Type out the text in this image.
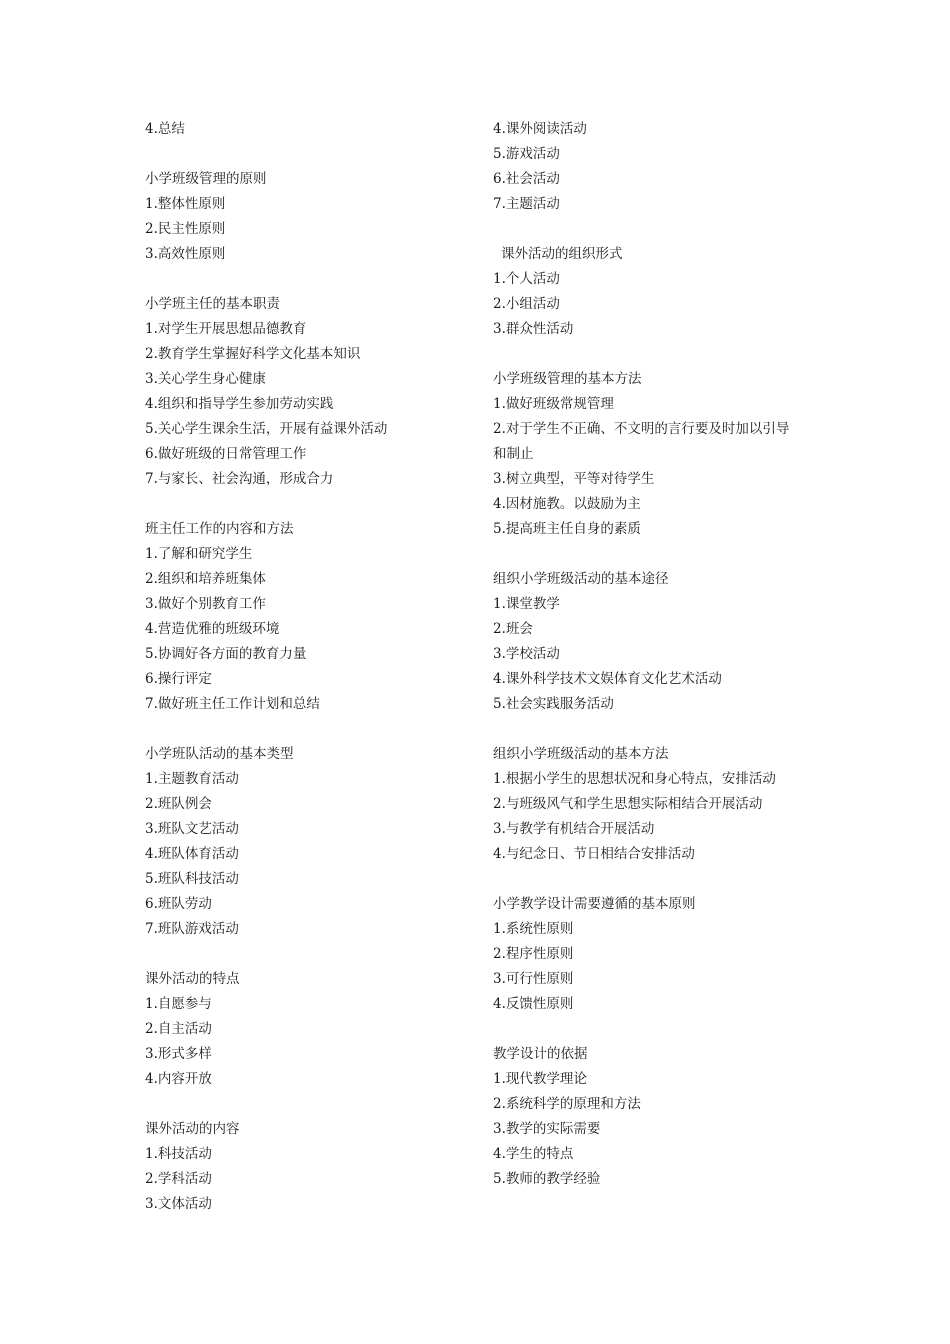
4.总结
小学班级管理的原则
1.整体性原则
2.民主性原则
3.高效性原则
小学班主任的基本职责
1.对学生开展思想品德教育
2.教育学生掌握好科学文化基本知识
3.关心学生身心健康
4.组织和指导学生参加劳动实践
5.关心学生课余生活，开展有益课外活动
6.做好班级的日常管理工作
7.与家长、社会沟通，形成合力
班主任工作的内容和方法
1.了解和研究学生
2.组织和培养班集体
3.做好个别教育工作
4.营造优雅的班级环境
5.协调好各方面的教育力量
6.操行评定
7.做好班主任工作计划和总结
小学班队活动的基本类型
1.主题教育活动
2.班队例会
3.班队文艺活动
4.班队体育活动
5.班队科技活动
6.班队劳动
7.班队游戏活动
课外活动的特点
1.自愿参与
2.自主活动
3.形式多样
4.内容开放
课外活动的内容
1.科技活动
2.学科活动
3.文体活动
4.课外阅读活动
5.游戏活动
6.社会活动
7.主题活动
课外活动的组织形式
1.个人活动
2.小组活动
3.群众性活动
小学班级管理的基本方法
1.做好班级常规管理
2.对于学生不正确、不文明的言行要及时加以引导
和制止
3.树立典型，平等对待学生
4.因材施教。以鼓励为主
5.提高班主任自身的素质
组织小学班级活动的基本途径
1.课堂教学
2.班会
3.学校活动
4.课外科学技术文娱体育文化艺术活动
5.社会实践服务活动
组织小学班级活动的基本方法
1.根据小学生的思想状况和身心特点，安排活动
2.与班级风气和学生思想实际相结合开展活动
3.与教学有机结合开展活动
4.与纪念日、节日相结合安排活动
小学教学设计需要遵循的基本原则
1.系统性原则
2.程序性原则
3.可行性原则
4.反馈性原则
教学设计的依据
1.现代教学理论
2.系统科学的原理和方法
3.教学的实际需要
4.学生的特点
5.教师的教学经验
